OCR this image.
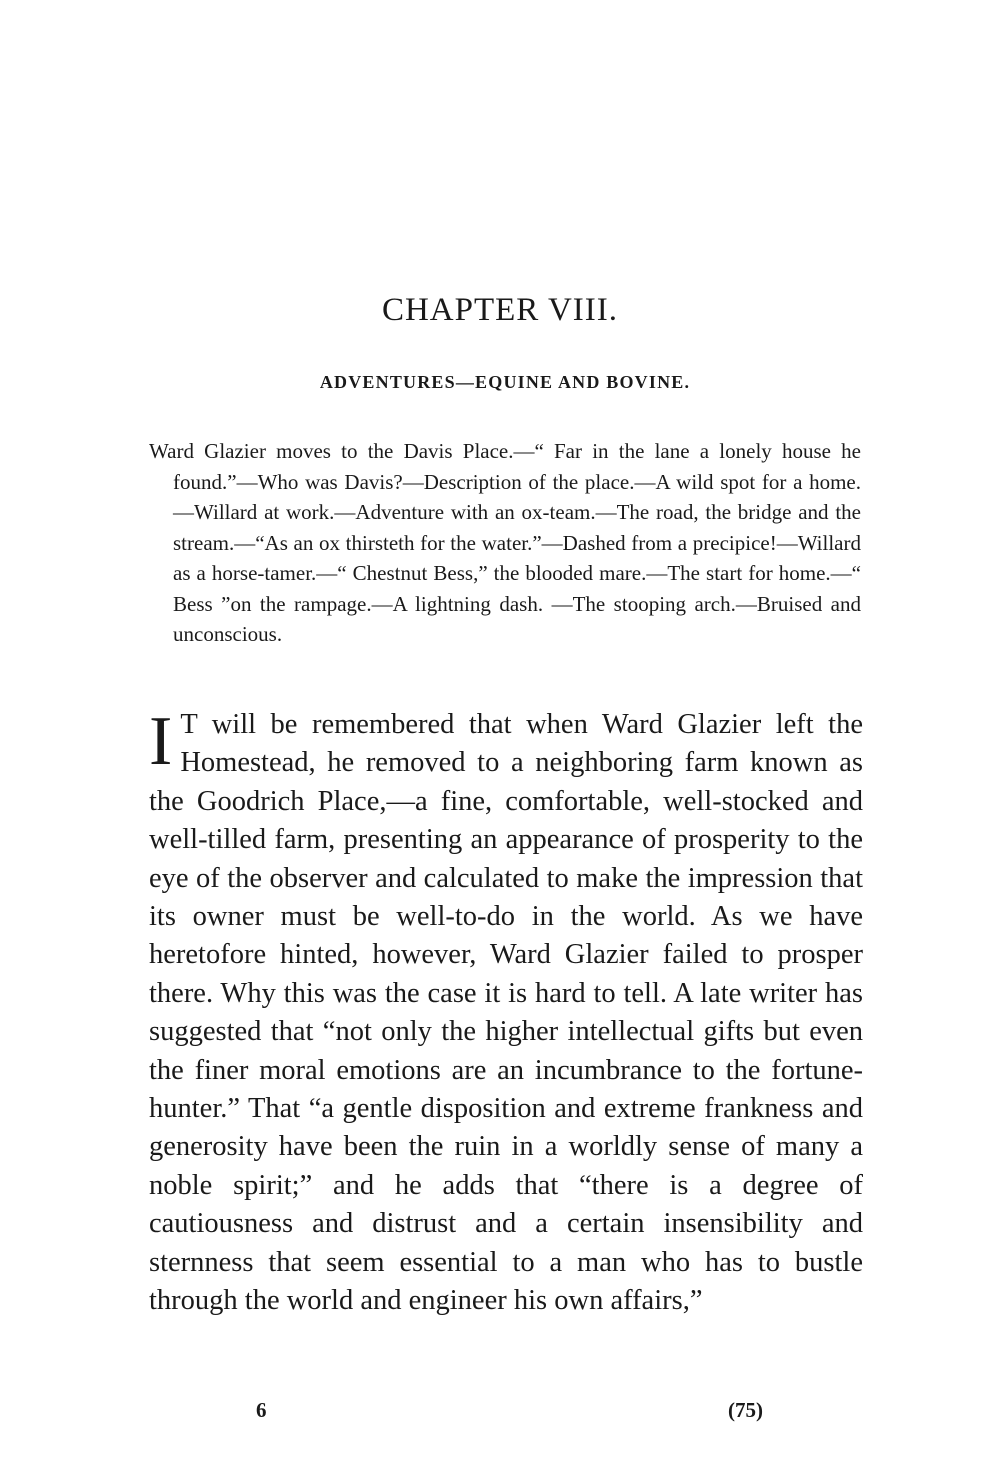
CHAPTER VIII.
ADVENTURES—EQUINE AND BOVINE.

Ward Glazier moves to the Davis Place.—“ Far in the lane a lonely house he found.”—Who was Davis?—Description of the place.—A wild spot for a home.—Willard at work.—Adventure with an ox-team.—The road, the bridge and the stream.—“As an ox thirsteth for the water.”—Dashed from a precipice!—Willard as a horse-tamer.—“ Chestnut Bess,” the blooded mare.—The start for home.—“ Bess ”on the rampage.—A lightning dash. —The stooping arch.—Bruised and unconscious.

I T will be remembered that when Ward Glazier left the Homestead, he removed to a neighboring farm known as the Goodrich Place,—a fine, comfortable, well-stocked and well-tilled farm, presenting an appearance of prosperity to the eye of the observer and calculated to make the impression that its owner must be well-to-do in the world. As we have heretofore hinted, however, Ward Glazier failed to prosper there. Why this was the case it is hard to tell. A late writer has suggested that “not only the higher intellectual gifts but even the finer moral emotions are an incumbrance to the fortune-hunter.” That “a gentle disposition and extreme frankness and generosity have been the ruin in a worldly sense of many a noble spirit;” and he adds that “there is a degree of cautiousness and distrust and a certain insensibility and sternness that seem essential to a man who has to bustle through the world and engineer his own affairs,”

6	(75)
